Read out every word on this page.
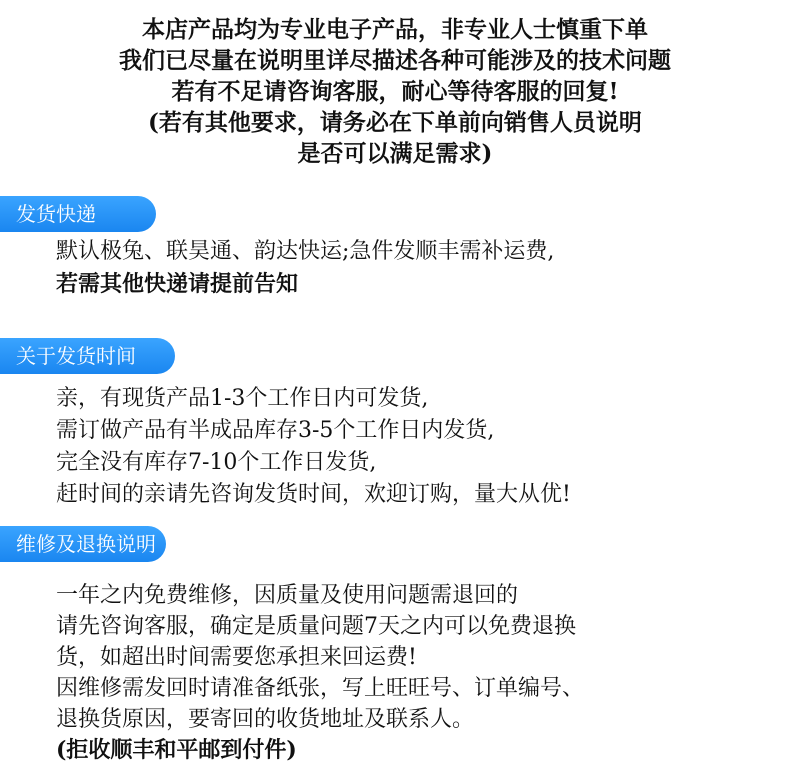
本店产品均为专业电子产品，非专业人士慎重下单
我们已尽量在说明里详尽描述各种可能涉及的技术问题
若有不足请咨询客服，耐心等待客服的回复!
(若有其他要求，请务必在下单前向销售人员说明
是否可以满足需求)
发货快递
默认极兔、联昊通、韵达快运;急件发顺丰需补运费,
若需其他快递请提前告知
关于发货时间
亲，有现货产品1-3个工作日内可发货,
需订做产品有半成品库存3-5个工作日内发货,
完全没有库存7-10个工作日发货,
赶时间的亲请先咨询发货时间，欢迎订购，量大从优!
维修及退换说明
一年之内免费维修，因质量及使用问题需退回的
请先咨询客服，确定是质量问题7天之内可以免费退换
货，如超出时间需要您承担来回运费!
因维修需发回时请准备纸张，写上旺旺号、订单编号、
退换货原因，要寄回的收货地址及联系人。
(拒收顺丰和平邮到付件)
